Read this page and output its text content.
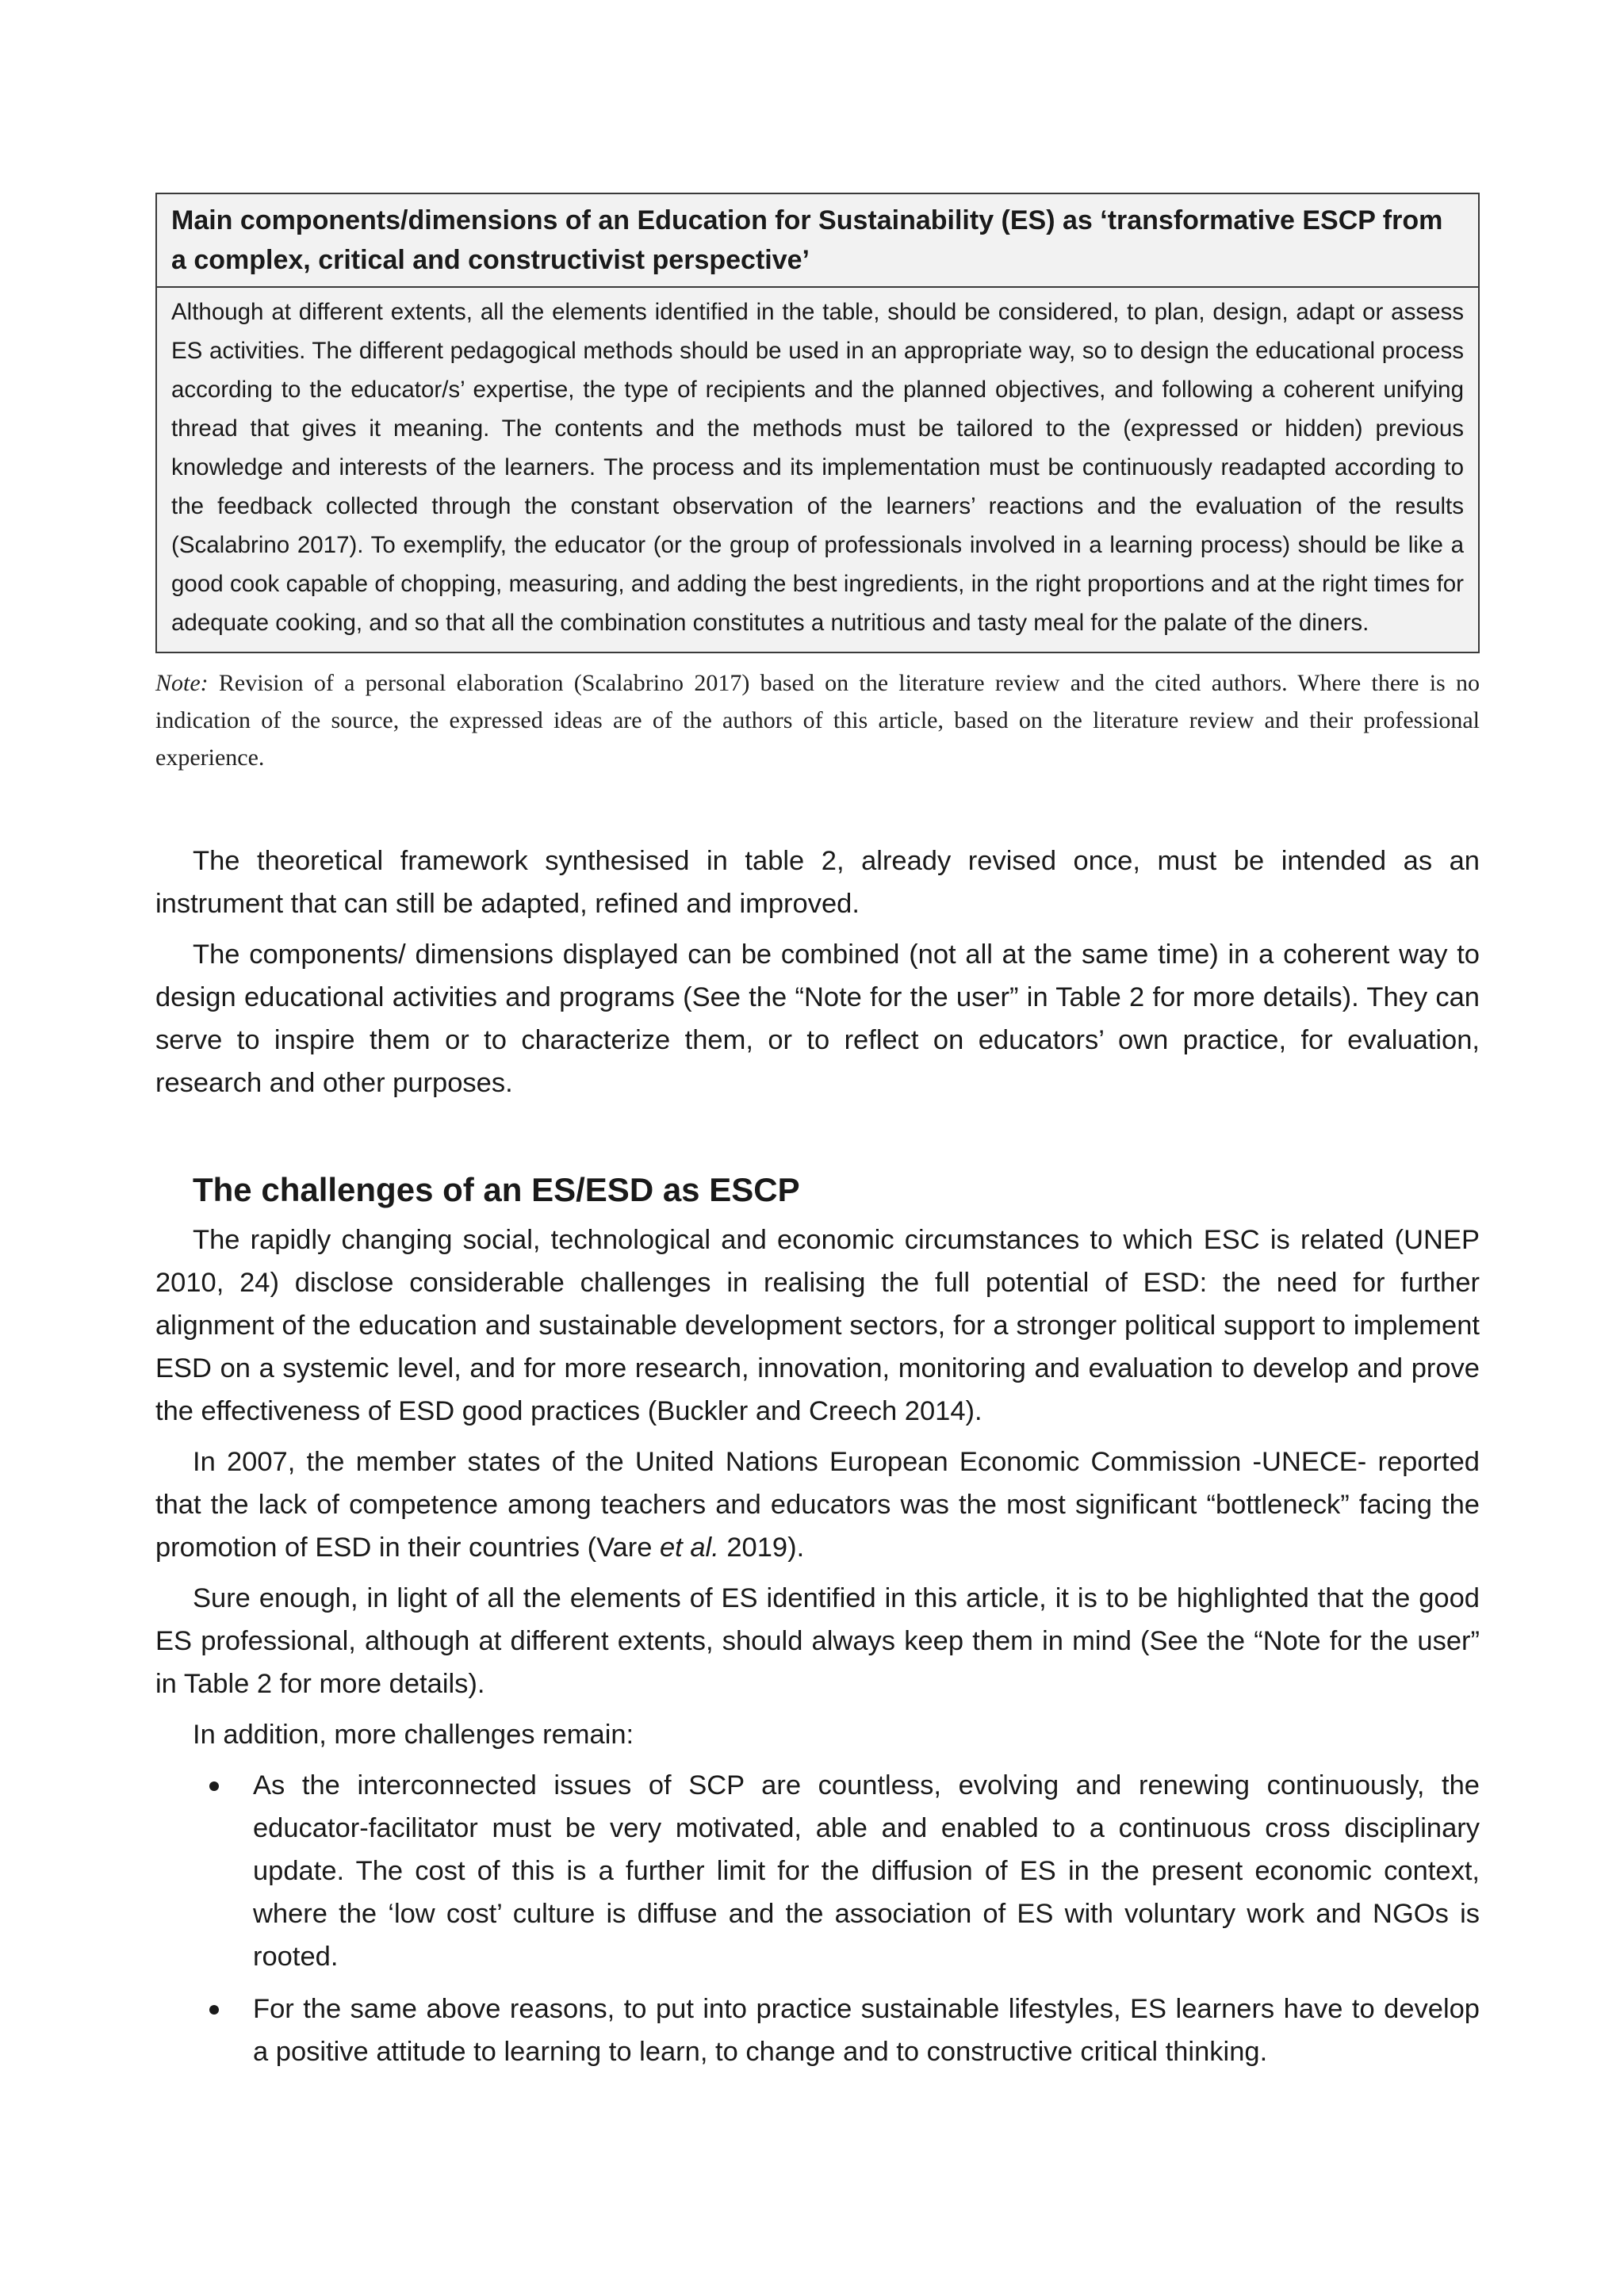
Main components/dimensions of an Education for Sustainability (ES) as ‘transformative ESCP from a complex, critical and constructivist perspective’
Although at different extents, all the elements identified in the table, should be considered, to plan, design, adapt or assess ES activities. The different pedagogical methods should be used in an appropriate way, so to design the educational process according to the educator/s’ expertise, the type of recipients and the planned objectives, and following a coherent unifying thread that gives it meaning. The contents and the methods must be tailored to the (expressed or hidden) previous knowledge and interests of the learners. The process and its implementation must be continuously readapted according to the feedback collected through the constant observation of the learners’ reactions and the evaluation of the results (Scalabrino 2017). To exemplify, the educator (or the group of professionals involved in a learning process) should be like a good cook capable of chopping, measuring, and adding the best ingredients, in the right proportions and at the right times for adequate cooking, and so that all the combination constitutes a nutritious and tasty meal for the palate of the diners.
Note: Revision of a personal elaboration (Scalabrino 2017) based on the literature review and the cited authors. Where there is no indication of the source, the expressed ideas are of the authors of this article, based on the literature review and their professional experience.

The theoretical framework synthesised in table 2, already revised once, must be intended as an instrument that can still be adapted, refined and improved.

The components/ dimensions displayed can be combined (not all at the same time) in a coherent way to design educational activities and programs (See the “Note for the user” in Table 2 for more details). They can serve to inspire them or to characterize them, or to reflect on educators’ own practice, for evaluation, research and other purposes.

The challenges of an ES/ESD as ESCP

The rapidly changing social, technological and economic circumstances to which ESC is related (UNEP 2010, 24) disclose considerable challenges in realising the full potential of ESD: the need for further alignment of the education and sustainable development sectors, for a stronger political support to implement ESD on a systemic level, and for more research, innovation, monitoring and evaluation to develop and prove the effectiveness of ESD good practices (Buckler and Creech 2014).

In 2007, the member states of the United Nations European Economic Commission -UNECE- reported that the lack of competence among teachers and educators was the most significant “bottleneck” facing the promotion of ESD in their countries (Vare et al. 2019).

Sure enough, in light of all the elements of ES identified in this article, it is to be highlighted that the good ES professional, although at different extents, should always keep them in mind (See the “Note for the user” in Table 2 for more details).

In addition, more challenges remain:

As the interconnected issues of SCP are countless, evolving and renewing continuously, the educator-facilitator must be very motivated, able and enabled to a continuous cross disciplinary update. The cost of this is a further limit for the diffusion of ES in the present economic context, where the ‘low cost’ culture is diffuse and the association of ES with voluntary work and NGOs is rooted.
For the same above reasons, to put into practice sustainable lifestyles, ES learners have to develop a positive attitude to learning to learn, to change and to constructive critical thinking.
